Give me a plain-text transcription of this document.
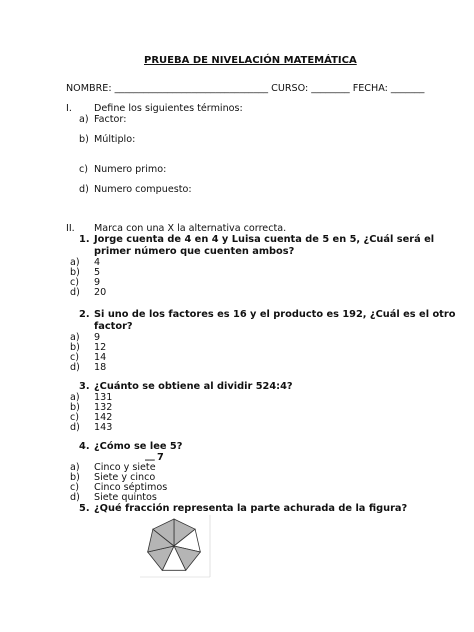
PRUEBA DE NIVELACIÓN MATEMÁTICA
NOMBRE: ________________________________ CURSO: ________ FECHA: _______
I. Define los siguientes términos:
a) Factor:
b) Múltiplo:
c) Numero primo:
d) Numero compuesto:
II. Marca con una X la alternativa correcta.
1. Jorge cuenta de 4 en 4 y Luisa cuenta de 5 en 5, ¿Cuál será el
primer número que cuenten ambos?
a) 4
b) 5
c) 9
d) 20
2. Si uno de los factores es 16 y el producto es 192, ¿Cuál es el otro
factor?
a) 9
b) 12
c) 14
d) 18
3. ¿Cuánto se obtiene al dividir 524:4?
a) 131
b) 132
c) 142
d) 143
4. ¿Cómo se lee 5?
__ 7
a) Cinco y siete
b) Siete y cinco
c) Cinco séptimos
d) Siete quintos
5. ¿Qué fracción representa la parte achurada de la figura?
